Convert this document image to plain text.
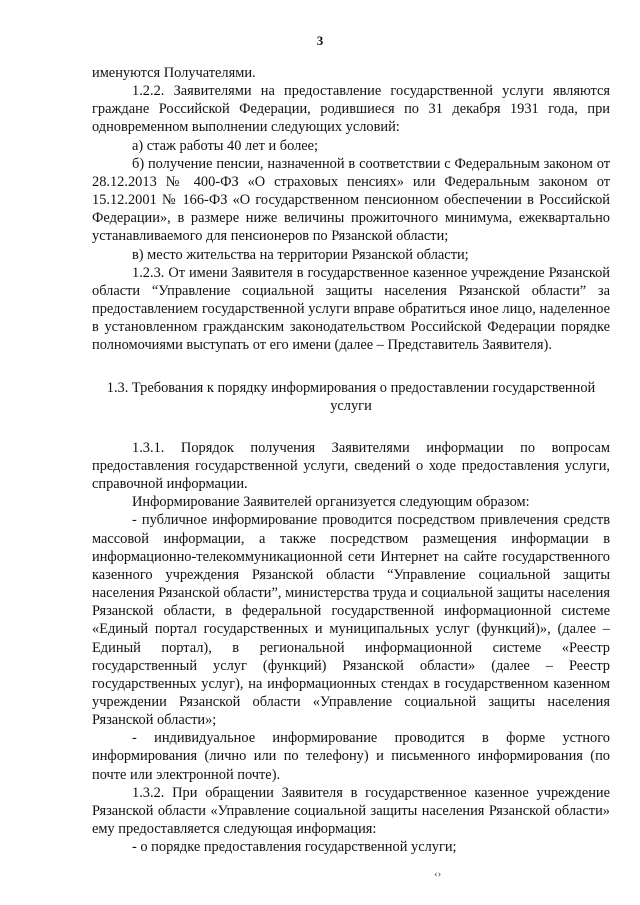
3

именуются Получателями.

1.2.2. Заявителями на предоставление государственной услуги являются граждане Российской Федерации, родившиеся по 31 декабря 1931 года, при одновременном выполнении следующих условий:

а) стаж работы 40 лет и более;

б) получение пенсии, назначенной в соответствии с Федеральным законом от 28.12.2013 № 400-ФЗ «О страховых пенсиях» или Федеральным законом от 15.12.2001 № 166-ФЗ «О государственном пенсионном обеспечении в Российской Федерации», в размере ниже величины прожиточного минимума, ежеквартально устанавливаемого для пенсионеров по Рязанской области;

в) место жительства на территории Рязанской области;

1.2.3. От имени Заявителя в государственное казенное учреждение Рязанской области “Управление социальной защиты населения Рязанской области” за предоставлением государственной услуги вправе обратиться иное лицо, наделенное в установленном гражданским законодательством Российской Федерации порядке полномочиями выступать от его имени (далее – Представитель Заявителя).

1.3. Требования к порядку информирования о предоставлении государственной услуги

1.3.1. Порядок получения Заявителями информации по вопросам предоставления государственной услуги, сведений о ходе предоставления услуги, справочной информации.

Информирование Заявителей организуется следующим образом:

- публичное информирование проводится посредством привлечения средств массовой информации, а также посредством размещения информации в информационно-телекоммуникационной сети Интернет на сайте государственного казенного учреждения Рязанской области “Управление социальной защиты населения Рязанской области”, министерства труда и социальной защиты населения Рязанской области, в федеральной государственной информационной системе «Единый портал государственных и муниципальных услуг (функций)», (далее – Единый портал), в региональной информационной системе «Реестр государственный услуг (функций) Рязанской области» (далее – Реестр государственных услуг), на информационных стендах в государственном казенном учреждении Рязанской области «Управление социальной защиты населения Рязанской области»;

- индивидуальное информирование проводится в форме устного информирования (лично или по телефону) и письменного информирования (по почте или электронной почте).

1.3.2. При обращении Заявителя в государственное казенное учреждение Рязанской области «Управление социальной защиты населения Рязанской области» ему предоставляется следующая информация:

- о порядке предоставления государственной услуги;

‹›
